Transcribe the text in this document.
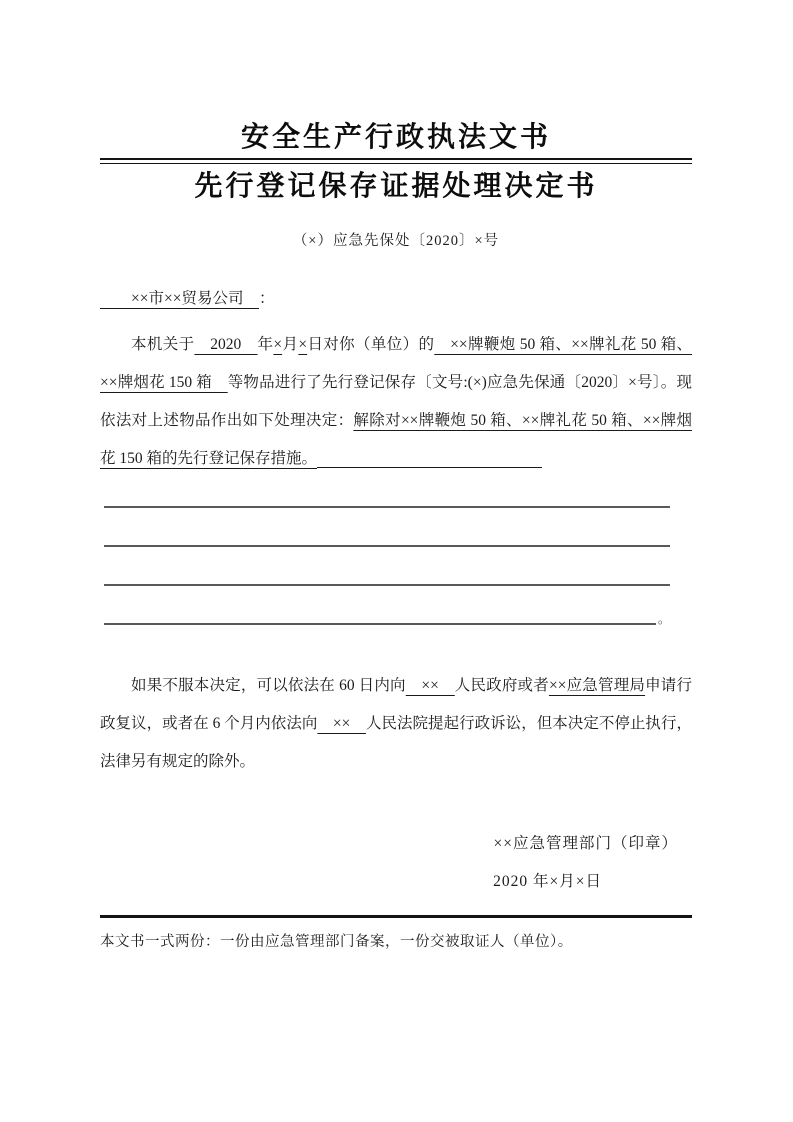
安全生产行政执法文书
先行登记保存证据处理决定书
（×）应急先保处〔2020〕×号

　　××市××贸易公司　：

本机关于　2020　年×月×日对你（单位）的　××牌鞭炮 50 箱、××牌礼花 50 箱、××牌烟花 150 箱　等物品进行了先行登记保存〔文号:(×)应急先保通〔2020〕×号〕。现依法对上述物品作出如下处理决定：解除对××牌鞭炮 50 箱、××牌礼花 50 箱、××牌烟花 150 箱的先行登记保存措施。

。

如果不服本决定，可以依法在 60 日内向　××　人民政府或者××应急管理局申请行政复议，或者在 6 个月内依法向　××　人民法院提起行政诉讼，但本决定不停止执行，法律另有规定的除外。

××应急管理部门（印章）
2020 年×月×日

本文书一式两份：一份由应急管理部门备案，一份交被取证人（单位）。
